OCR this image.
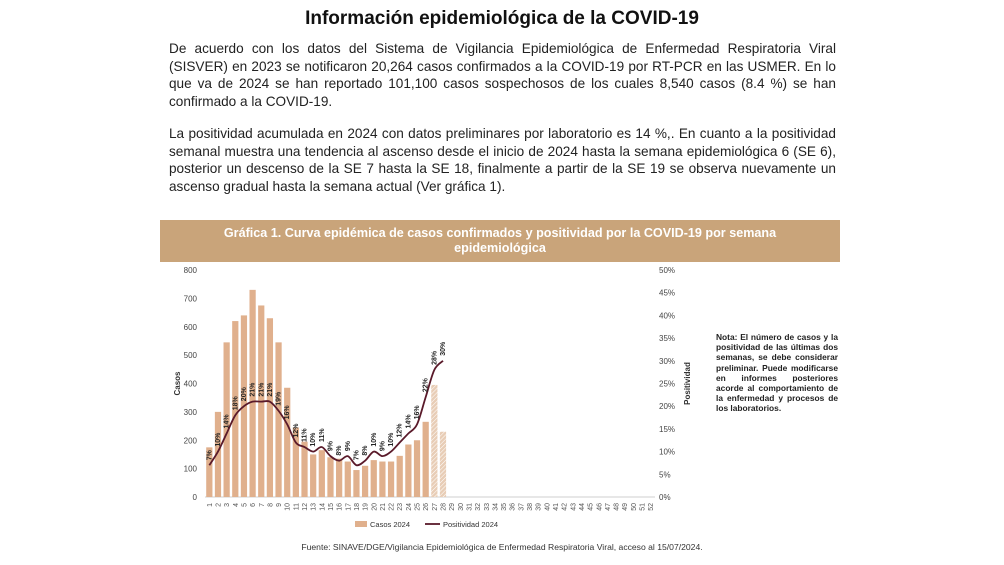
Información epidemiológica de la COVID-19
De acuerdo con los datos del Sistema de Vigilancia Epidemiológica de Enfermedad Respiratoria Viral (SISVER) en 2023 se notificaron 20,264 casos confirmados a la COVID-19 por RT-PCR en las USMER. En lo que va de 2024 se han reportado 101,100 casos sospechosos de los cuales 8,540 casos (8.4 %) se han confirmado a la COVID-19.
La positividad acumulada en 2024 con datos preliminares por laboratorio es 14 %,. En cuanto a la positividad semanal muestra una tendencia al ascenso desde el inicio de 2024 hasta la semana epidemiológica 6 (SE 6), posterior un descenso de la SE 7 hasta la SE 18, finalmente a partir de la SE 19 se observa nuevamente un ascenso gradual hasta la semana actual (Ver gráfica 1).
Gráfica 1. Curva epidémica de casos confirmados y positividad por la COVID-19 por semana epidemiológica
0
100
200
300
400
500
600
700
800
0%
5%
10%
15%
20%
25%
30%
35%
40%
45%
50%
Casos	Positividad
7%
10%
14%
18%
20% 21% 21% 21%
19%
16%
12% 11% 10% 11%
9% 8% 9%
7% 8%
10% 9% 10%
12%
14%
16%
22%
28%
30%
1 2 3 4 5 6 7 8 9 10 11 12 13 14 15 16 17 18 19 20 21 22 23 24 25 26 27 28 29 30 31 32 33 34 35 36 37 38 39 40 41 42 43 44 45 46 47 48 49 50 51 52
Casos 2024	Positividad 2024
Nota: El número de casos y la positividad de las últimas dos semanas, se debe considerar preliminar. Puede modificarse en informes posteriores acorde al comportamiento de la enfermedad y procesos de los laboratorios.
Fuente: SINAVE/DGE/Vigilancia Epidemiológica de Enfermedad Respiratoria Viral, acceso al 15/07/2024.
